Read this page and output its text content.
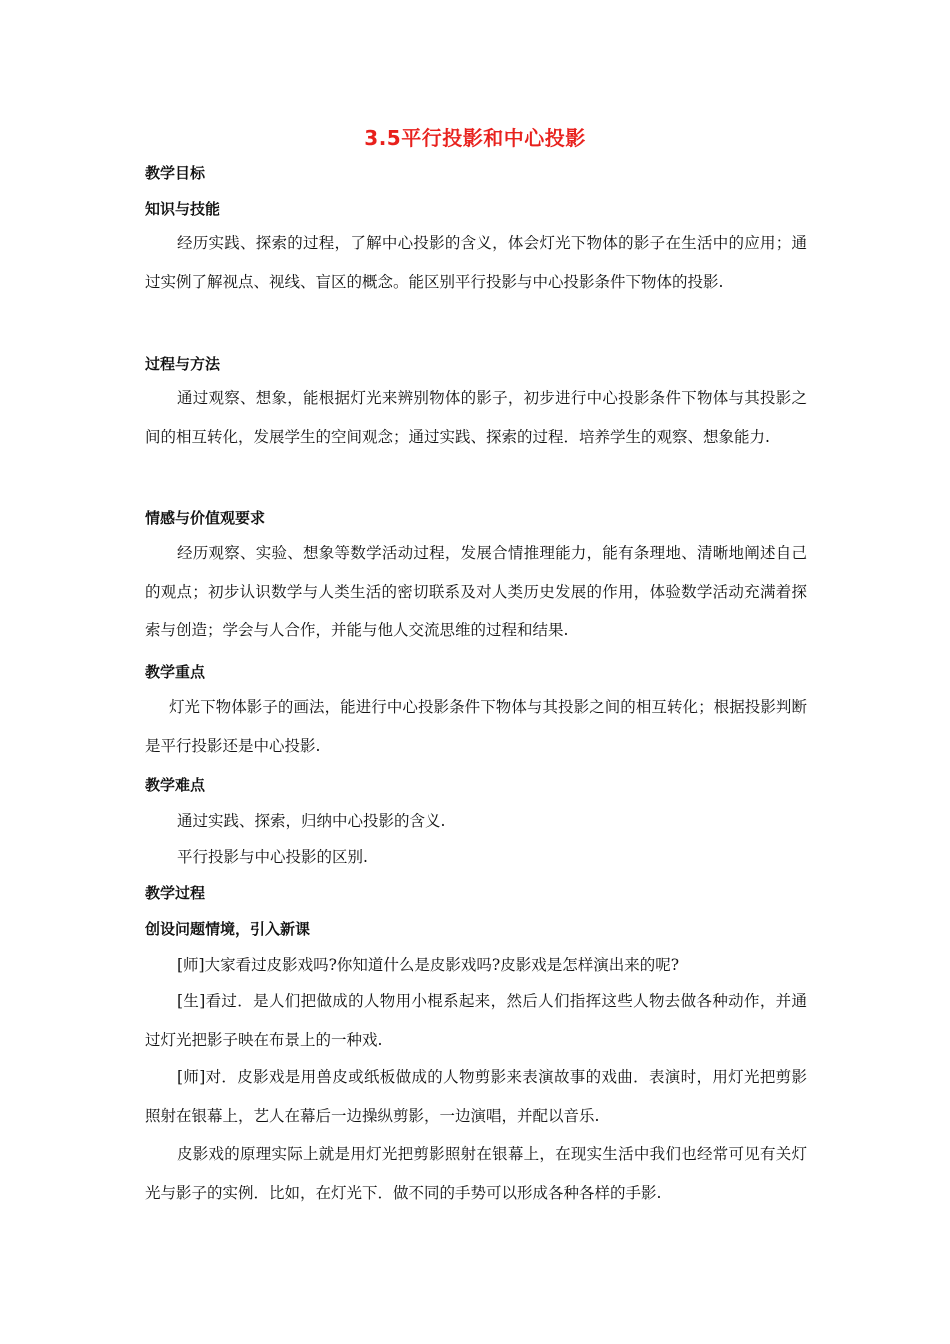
3.5平行投影和中心投影
教学目标
知识与技能
经历实践、探索的过程，了解中心投影的含义，体会灯光下物体的影子在生活中的应用；通过实例了解视点、视线、盲区的概念。能区别平行投影与中心投影条件下物体的投影.
过程与方法
通过观察、想象，能根据灯光来辨别物体的影子，初步进行中心投影条件下物体与其投影之间的相互转化，发展学生的空间观念；通过实践、探索的过程．培养学生的观察、想象能力.
情感与价值观要求
经历观察、实验、想象等数学活动过程，发展合情推理能力，能有条理地、清晰地阐述自己的观点；初步认识数学与人类生活的密切联系及对人类历史发展的作用，体验数学活动充满着探索与创造；学会与人合作，并能与他人交流思维的过程和结果.
教学重点
灯光下物体影子的画法，能进行中心投影条件下物体与其投影之间的相互转化；根据投影判断是平行投影还是中心投影.
教学难点
通过实践、探索，归纳中心投影的含义.
平行投影与中心投影的区别.
教学过程
创设问题情境，引入新课
[师]大家看过皮影戏吗?你知道什么是皮影戏吗?皮影戏是怎样演出来的呢?
[生]看过．是人们把做成的人物用小棍系起来，然后人们指挥这些人物去做各种动作，并通过灯光把影子映在布景上的一种戏.
[师]对．皮影戏是用兽皮或纸板做成的人物剪影来表演故事的戏曲．表演时，用灯光把剪影照射在银幕上，艺人在幕后一边操纵剪影，一边演唱，并配以音乐.
皮影戏的原理实际上就是用灯光把剪影照射在银幕上，在现实生活中我们也经常可见有关灯光与影子的实例．比如，在灯光下．做不同的手势可以形成各种各样的手影.
